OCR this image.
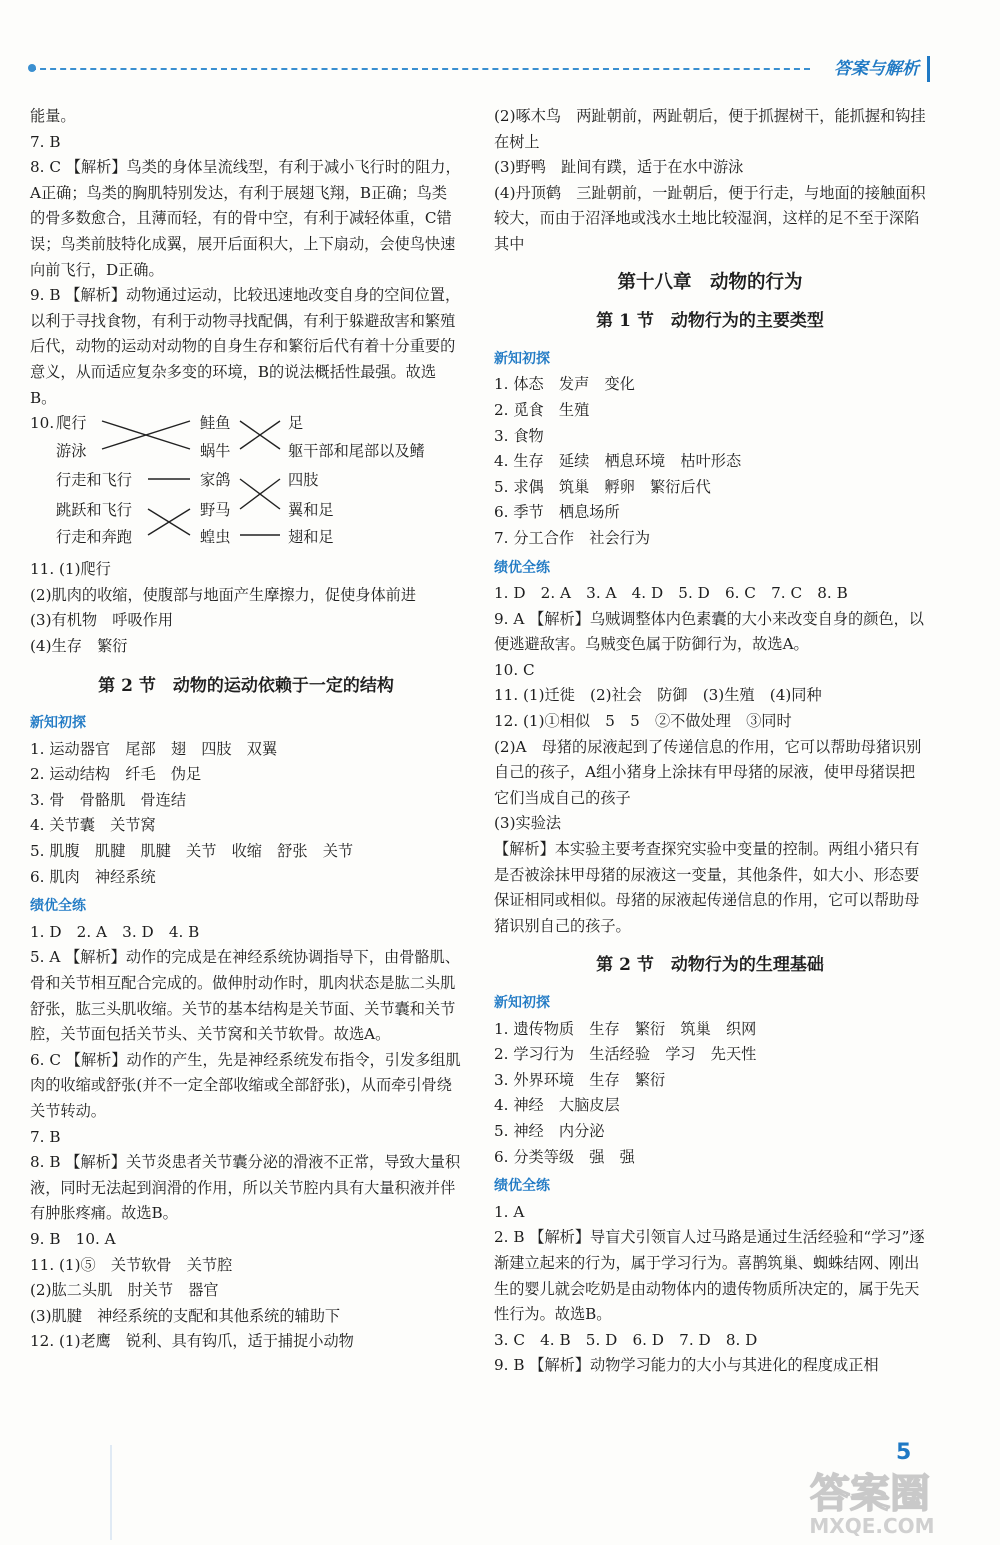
答案与解析

能量。

7. B

8. C 【解析】鸟类的身体呈流线型，有利于减小飞行时的阻力，A正确；鸟类的胸肌特别发达，有利于展翅飞翔，B正确；鸟类的骨多数愈合，且薄而轻，有的骨中空，有利于减轻体重，C错误；鸟类前肢特化成翼，展开后面积大，上下扇动，会使鸟快速向前飞行，D正确。

9. B 【解析】动物通过运动，比较迅速地改变自身的空间位置，以利于寻找食物，有利于动物寻找配偶，有利于躲避敌害和繁殖后代，动物的运动对动物的自身生存和繁衍后代有着十分重要的意义，从而适应复杂多变的环境，B的说法概括性最强。故选B。

10. 爬行
游泳
行走和飞行
跳跃和飞行
行走和奔跑
鲑鱼
蜗牛
家鸽
野马
蝗虫
足
躯干部和尾部以及鳍
四肢
翼和足
翅和足

11. (1)爬行

(2)肌肉的收缩，使腹部与地面产生摩擦力，促使身体前进

(3)有机物　呼吸作用

(4)生存　繁衍

第 2 节　动物的运动依赖于一定的结构
新知初探

1. 运动器官　尾部　翅　四肢　双翼

2. 运动结构　纤毛　伪足

3. 骨　骨骼肌　骨连结

4. 关节囊　关节窝

5. 肌腹　肌腱　肌腱　关节　收缩　舒张　关节

6. 肌肉　神经系统

绩优全练

1. D　2. A　3. D　4. B

5. A 【解析】动作的完成是在神经系统协调指导下，由骨骼肌、骨和关节相互配合完成的。做伸肘动作时，肌肉状态是肱二头肌舒张，肱三头肌收缩。关节的基本结构是关节面、关节囊和关节腔，关节面包括关节头、关节窝和关节软骨。故选A。

6. C 【解析】动作的产生，先是神经系统发布指令，引发多组肌肉的收缩或舒张(并不一定全部收缩或全部舒张)，从而牵引骨绕关节转动。

7. B

8. B 【解析】关节炎患者关节囊分泌的滑液不正常，导致大量积液，同时无法起到润滑的作用，所以关节腔内具有大量积液并伴有肿胀疼痛。故选B。

9. B　10. A

11. (1)⑤　关节软骨　关节腔

(2)肱二头肌　肘关节　器官

(3)肌腱　神经系统的支配和其他系统的辅助下

12. (1)老鹰　锐利、具有钩爪，适于捕捉小动物

(2)啄木鸟　两趾朝前，两趾朝后，便于抓握树干，能抓握和钩挂在树上

(3)野鸭　趾间有蹼，适于在水中游泳

(4)丹顶鹤　三趾朝前，一趾朝后，便于行走，与地面的接触面积较大，而由于沼泽地或浅水土地比较湿润，这样的足不至于深陷其中

第十八章　动物的行为
第 1 节　动物行为的主要类型
新知初探

1. 体态　发声　变化

2. 觅食　生殖

3. 食物

4. 生存　延续　栖息环境　枯叶形态

5. 求偶　筑巢　孵卵　繁衍后代

6. 季节　栖息场所

7. 分工合作　社会行为

绩优全练

1. D　2. A　3. A　4. D　5. D　6. C　7. C　8. B

9. A 【解析】乌贼调整体内色素囊的大小来改变自身的颜色，以便逃避敌害。乌贼变色属于防御行为，故选A。

10. C

11. (1)迁徙　(2)社会　防御　(3)生殖　(4)同种

12. (1)①相似　5　5　②不做处理　③同时

(2)A　母猪的尿液起到了传递信息的作用，它可以帮助母猪识别自己的孩子，A组小猪身上涂抹有甲母猪的尿液，使甲母猪误把它们当成自己的孩子

(3)实验法

【解析】本实验主要考查探究实验中变量的控制。两组小猪只有是否被涂抹甲母猪的尿液这一变量，其他条件，如大小、形态要保证相同或相似。母猪的尿液起传递信息的作用，它可以帮助母猪识别自己的孩子。

第 2 节　动物行为的生理基础
新知初探

1. 遗传物质　生存　繁衍　筑巢　织网

2. 学习行为　生活经验　学习　先天性

3. 外界环境　生存　繁衍

4. 神经　大脑皮层

5. 神经　内分泌

6. 分类等级　强　强

绩优全练

1. A

2. B 【解析】导盲犬引领盲人过马路是通过生活经验和“学习”逐渐建立起来的行为，属于学习行为。喜鹊筑巢、蜘蛛结网、刚出生的婴儿就会吃奶是由动物体内的遗传物质所决定的，属于先天性行为。故选B。

3. C　4. B　5. D　6. D　7. D　8. D

9. B 【解析】动物学习能力的大小与其进化的程度成正相

5
答案圈
MXQE.COM
